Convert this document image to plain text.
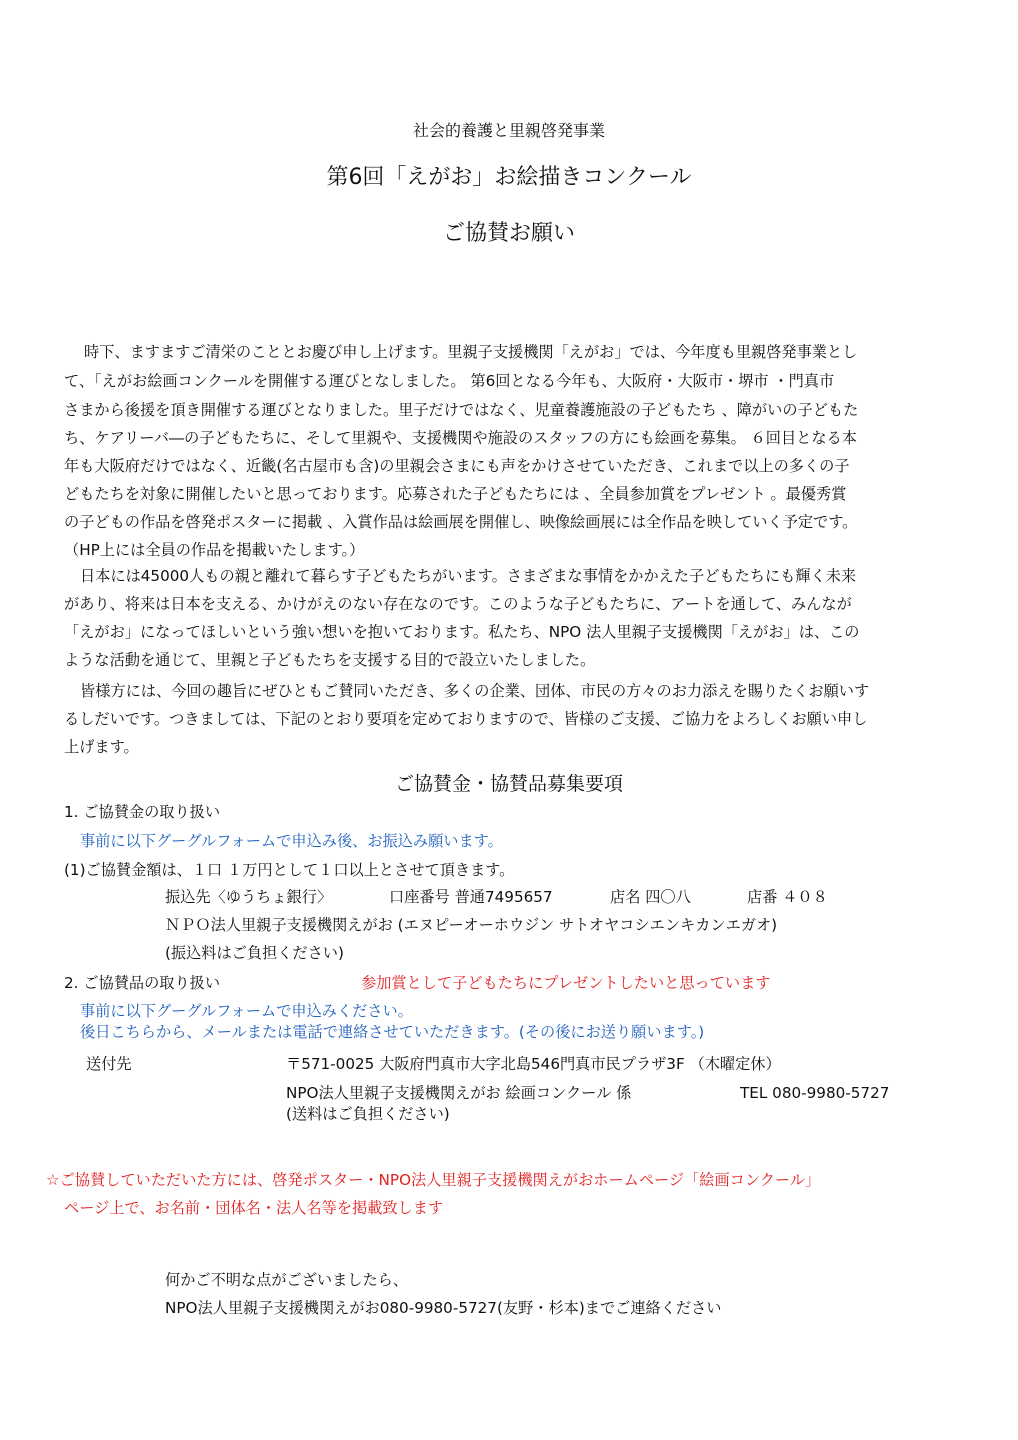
社会的養護と里親啓発事業
第6回「えがお」お絵描きコンクール
ご協賛お願い
時下、ますますご清栄のこととお慶び申し上げます。里親子支援機関「えがお」では、今年度も里親啓発事業とし
て、「えがお絵画コンクールを開催する運びとなしました。 第6回となる今年も、大阪府・大阪市・堺市 ・門真市
さまから後援を頂き開催する運びとなりました。里子だけではなく、児童養護施設の子どもたち 、障がいの子どもた
ち、ケアリーバ―の子どもたちに、そして里親や、支援機関や施設のスタッフの方にも絵画を募集。 ６回目となる本
年も大阪府だけではなく、近畿(名古屋市も含)の里親会さまにも声をかけさせていただき、これまで以上の多くの子
どもたちを対象に開催したいと思っております。応募された子どもたちには 、全員参加賞をプレゼント 。最優秀賞
の子どもの作品を啓発ポスターに掲載 、入賞作品は絵画展を開催し、映像絵画展には全作品を映していく予定です。
（HP上には全員の作品を掲載いたします。）
日本には45000人もの親と離れて暮らす子どもたちがいます。さまざまな事情をかかえた子どもたちにも輝く未来
があり、将来は日本を支える、かけがえのない存在なのです。このような子どもたちに、アートを通して、みんなが
「えがお」になってほしいという強い想いを抱いております。私たち、NPO 法人里親子支援機関「えがお」は、この
ような活動を通じて、里親と子どもたちを支援する目的で設立いたしました。
皆様方には、今回の趣旨にぜひともご賛同いただき、多くの企業、団体、市民の方々のお力添えを賜りたくお願いす
るしだいです。つきましては、下記のとおり要項を定めておりますので、皆様のご支援、ご協力をよろしくお願い申し
上げます。
ご協賛金・協賛品募集要項
1. ご協賛金の取り扱い
事前に以下グーグルフォームで申込み後、お振込み願います。
(1)ご協賛金額は、１口 １万円として１口以上とさせて頂きます。
振込先〈ゆうちょ銀行〉	口座番号 普通7495657	店名 四〇八	店番 ４０８
ＮＰＯ法人里親子支援機関えがお (エヌピーオーホウジン サトオヤコシエンキカンエガオ)
(振込料はご負担ください)
2. ご協賛品の取り扱い	参加賞として子どもたちにプレゼントしたいと思っています
事前に以下グーグルフォームで申込みください。
後日こちらから、メールまたは電話で連絡させていただきます。(その後にお送り願います。)
送付先	〒571-0025 大阪府門真市大字北島546門真市民プラザ3F （木曜定休）
NPO法人里親子支援機関えがお 絵画コンクール 係	TEL 080-9980-5727
(送料はご負担ください)
☆ご協賛していただいた方には、啓発ポスター・NPO法人里親子支援機関えがおホームページ「絵画コンクール」
ページ上で、お名前・団体名・法人名等を掲載致します
何かご不明な点がございましたら、
NPO法人里親子支援機関えがお080-9980-5727(友野・杉本)までご連絡ください
